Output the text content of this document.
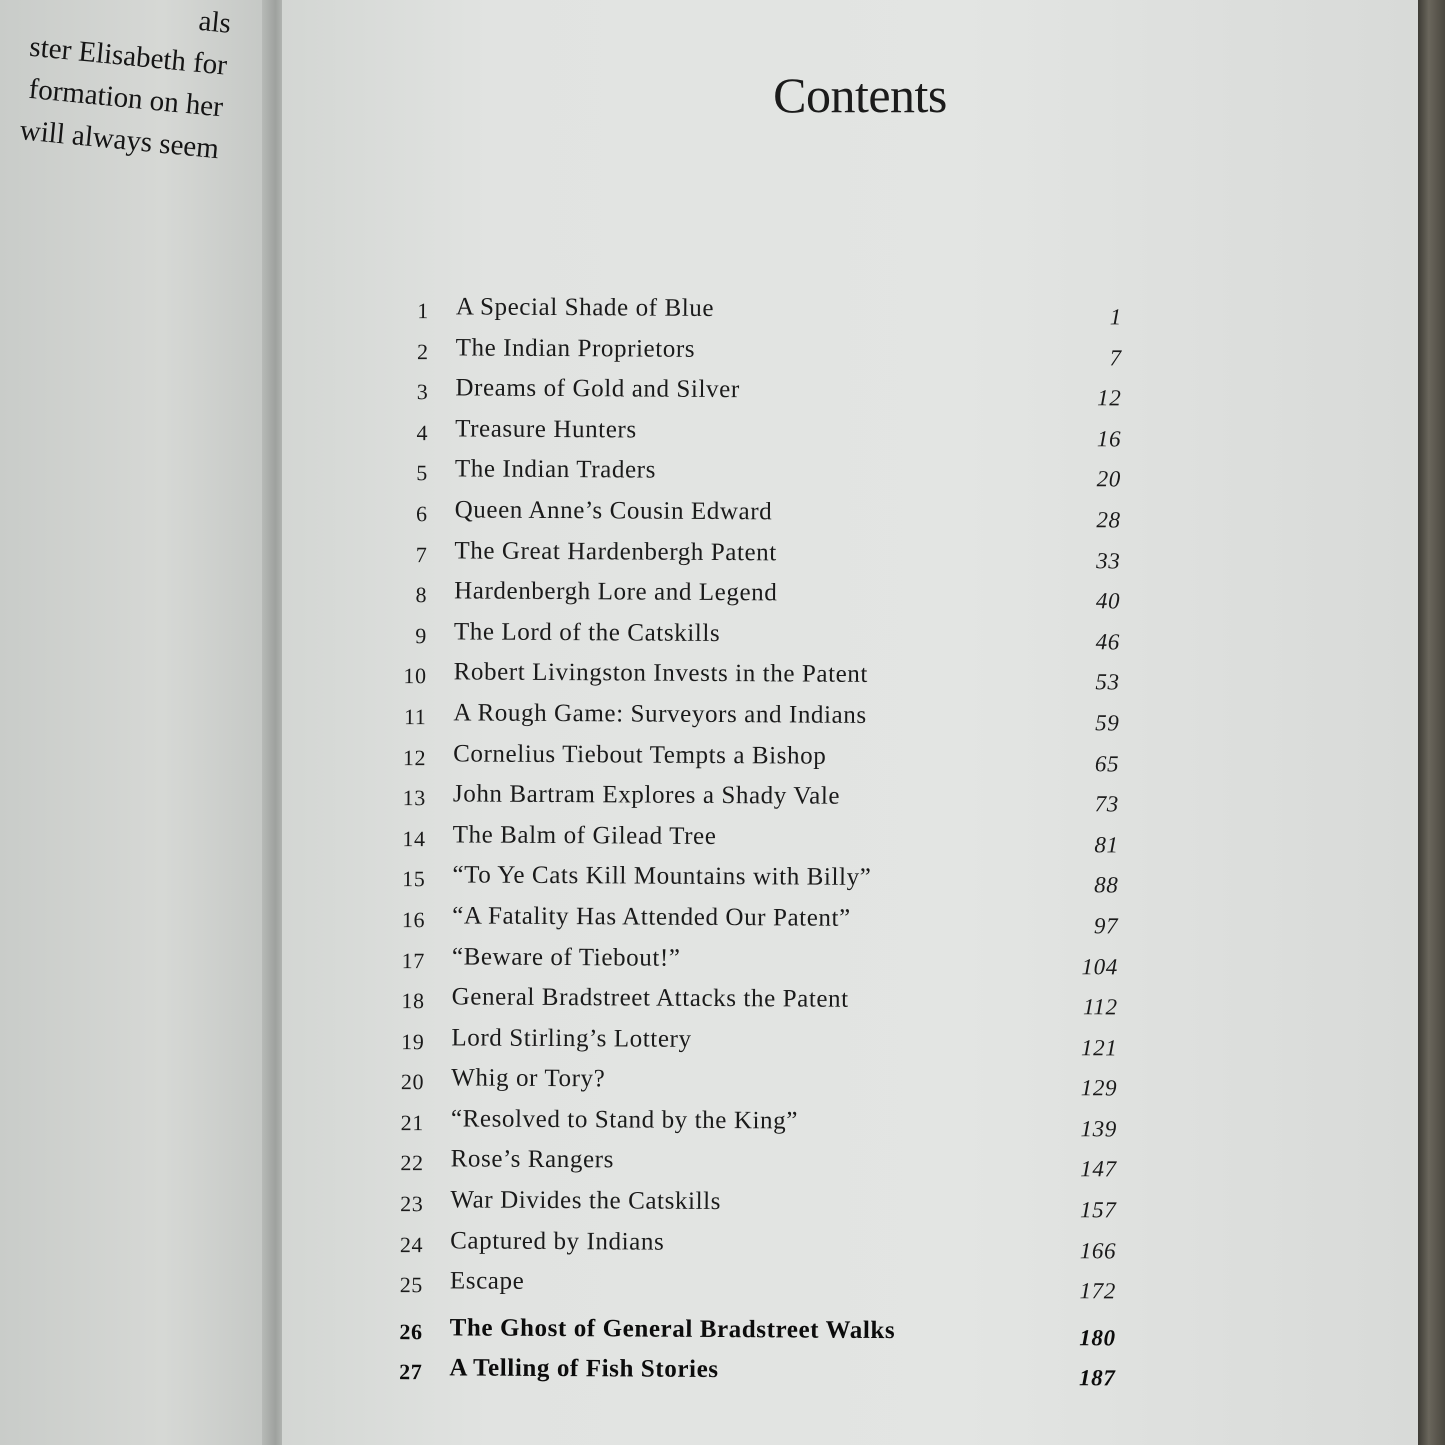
als
ster Elisabeth for
formation on her
will always seem
Contents
1 A Special Shade of Blue	1
2 The Indian Proprietors	7
3 Dreams of Gold and Silver	12
4 Treasure Hunters	16
5 The Indian Traders	20
6 Queen Anne’s Cousin Edward	28
7 The Great Hardenbergh Patent	33
8 Hardenbergh Lore and Legend	40
9 The Lord of the Catskills	46
10 Robert Livingston Invests in the Patent	53
11 A Rough Game: Surveyors and Indians	59
12 Cornelius Tiebout Tempts a Bishop	65
13 John Bartram Explores a Shady Vale	73
14 The Balm of Gilead Tree	81
15 “To Ye Cats Kill Mountains with Billy”	88
16 “A Fatality Has Attended Our Patent”	97
17 “Beware of Tiebout!”	104
18 General Bradstreet Attacks the Patent	112
19 Lord Stirling’s Lottery	121
20 Whig or Tory?	129
21 “Resolved to Stand by the King”	139
22 Rose’s Rangers	147
23 War Divides the Catskills	157
24 Captured by Indians	166
25 Escape	172
26 The Ghost of General Bradstreet Walks	180
27 A Telling of Fish Stories	187
